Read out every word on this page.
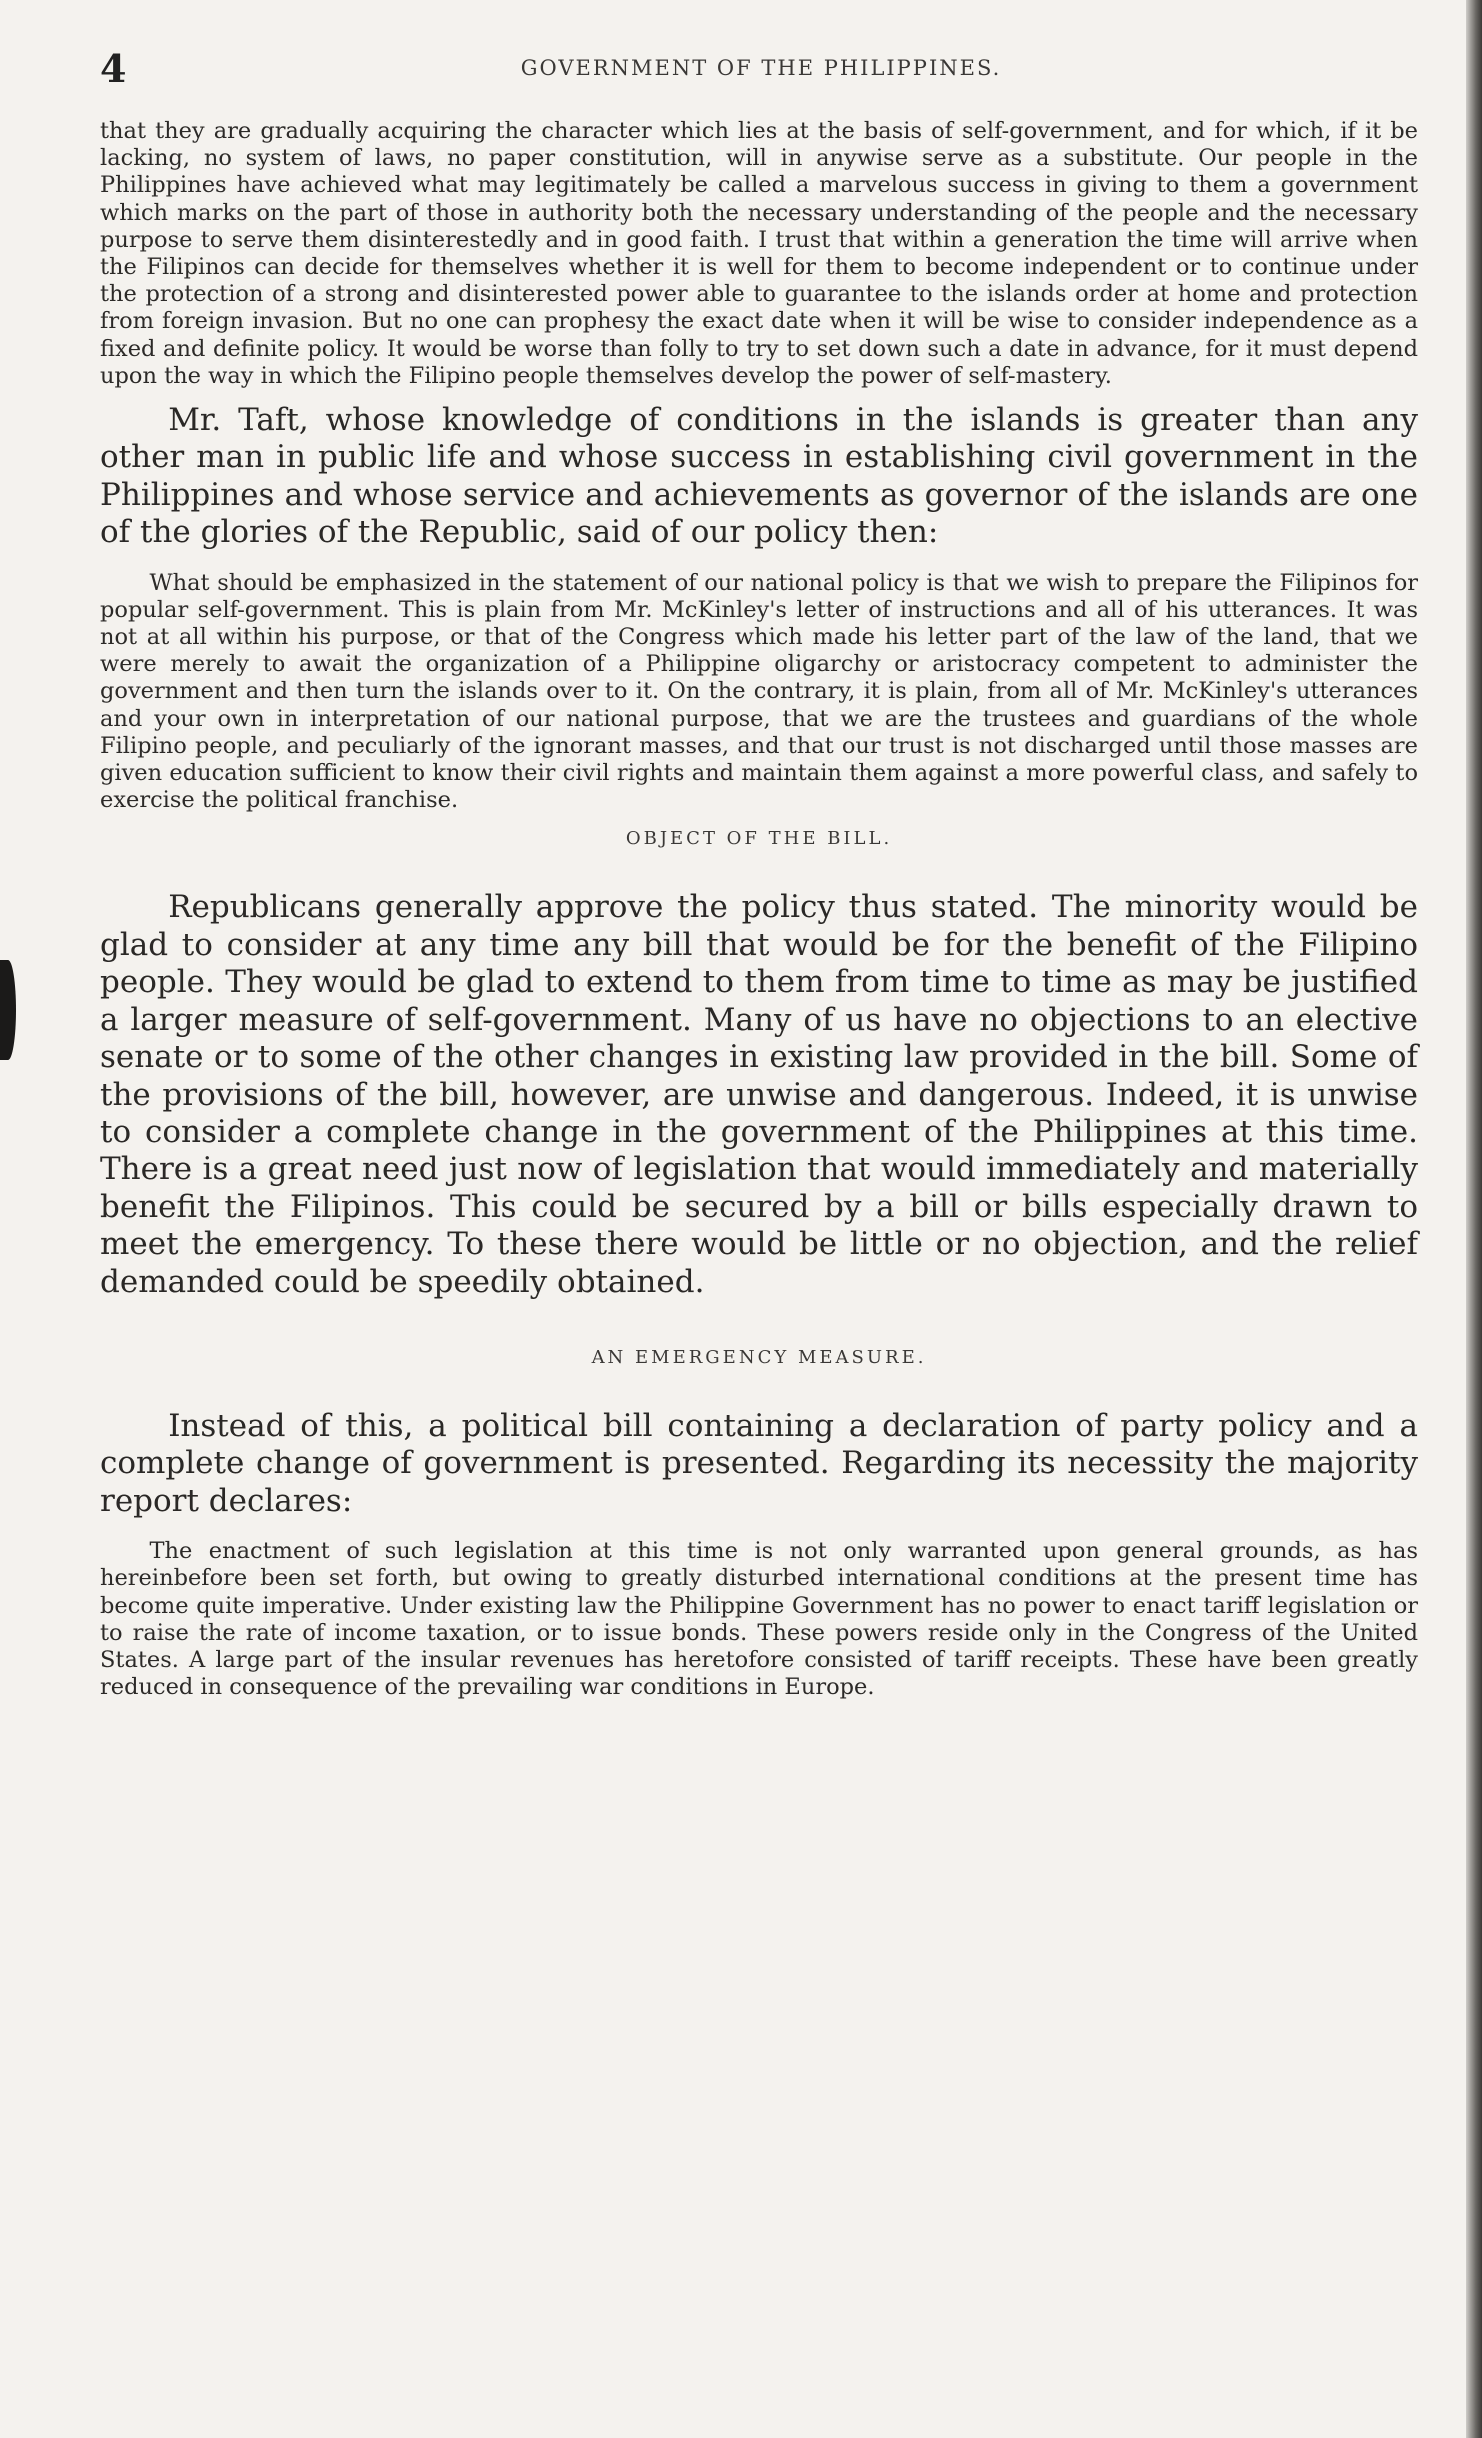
4	GOVERNMENT OF THE PHILIPPINES.

that they are gradually acquiring the character which lies at the basis of self-government, and for which, if it be lacking, no system of laws, no paper constitution, will in anywise serve as a substitute. Our people in the Philippines have achieved what may legitimately be called a marvelous success in giving to them a government which marks on the part of those in authority both the necessary understanding of the people and the necessary purpose to serve them disinterestedly and in good faith. I trust that within a generation the time will arrive when the Filipinos can decide for themselves whether it is well for them to become independent or to continue under the protection of a strong and disinterested power able to guarantee to the islands order at home and protection from foreign invasion. But no one can prophesy the exact date when it will be wise to consider independence as a fixed and definite policy. It would be worse than folly to try to set down such a date in advance, for it must depend upon the way in which the Filipino people themselves develop the power of self-mastery.

Mr. Taft, whose knowledge of conditions in the islands is greater than any other man in public life and whose success in establishing civil government in the Philippines and whose service and achievements as governor of the islands are one of the glories of the Republic, said of our policy then:

What should be emphasized in the statement of our national policy is that we wish to prepare the Filipinos for popular self-government. This is plain from Mr. McKinley's letter of instructions and all of his utterances. It was not at all within his purpose, or that of the Congress which made his letter part of the law of the land, that we were merely to await the organization of a Philippine oligarchy or aristocracy competent to administer the government and then turn the islands over to it. On the contrary, it is plain, from all of Mr. McKinley's utterances and your own in interpretation of our national purpose, that we are the trustees and guardians of the whole Filipino people, and peculiarly of the ignorant masses, and that our trust is not discharged until those masses are given education sufficient to know their civil rights and maintain them against a more powerful class, and safely to exercise the political franchise.

OBJECT OF THE BILL.

Republicans generally approve the policy thus stated. The minority would be glad to consider at any time any bill that would be for the benefit of the Filipino people. They would be glad to extend to them from time to time as may be justified a larger measure of self-government. Many of us have no objections to an elective senate or to some of the other changes in existing law provided in the bill. Some of the provisions of the bill, however, are unwise and dangerous. Indeed, it is unwise to consider a complete change in the government of the Philippines at this time. There is a great need just now of legislation that would immediately and materially benefit the Filipinos. This could be secured by a bill or bills especially drawn to meet the emergency. To these there would be little or no objection, and the relief demanded could be speedily obtained.

AN EMERGENCY MEASURE.

Instead of this, a political bill containing a declaration of party policy and a complete change of government is presented. Regarding its necessity the majority report declares:

The enactment of such legislation at this time is not only warranted upon general grounds, as has hereinbefore been set forth, but owing to greatly disturbed international conditions at the present time has become quite imperative. Under existing law the Philippine Government has no power to enact tariff legislation or to raise the rate of income taxation, or to issue bonds. These powers reside only in the Congress of the United States. A large part of the insular revenues has heretofore consisted of tariff receipts. These have been greatly reduced in consequence of the prevailing war conditions in Europe.
